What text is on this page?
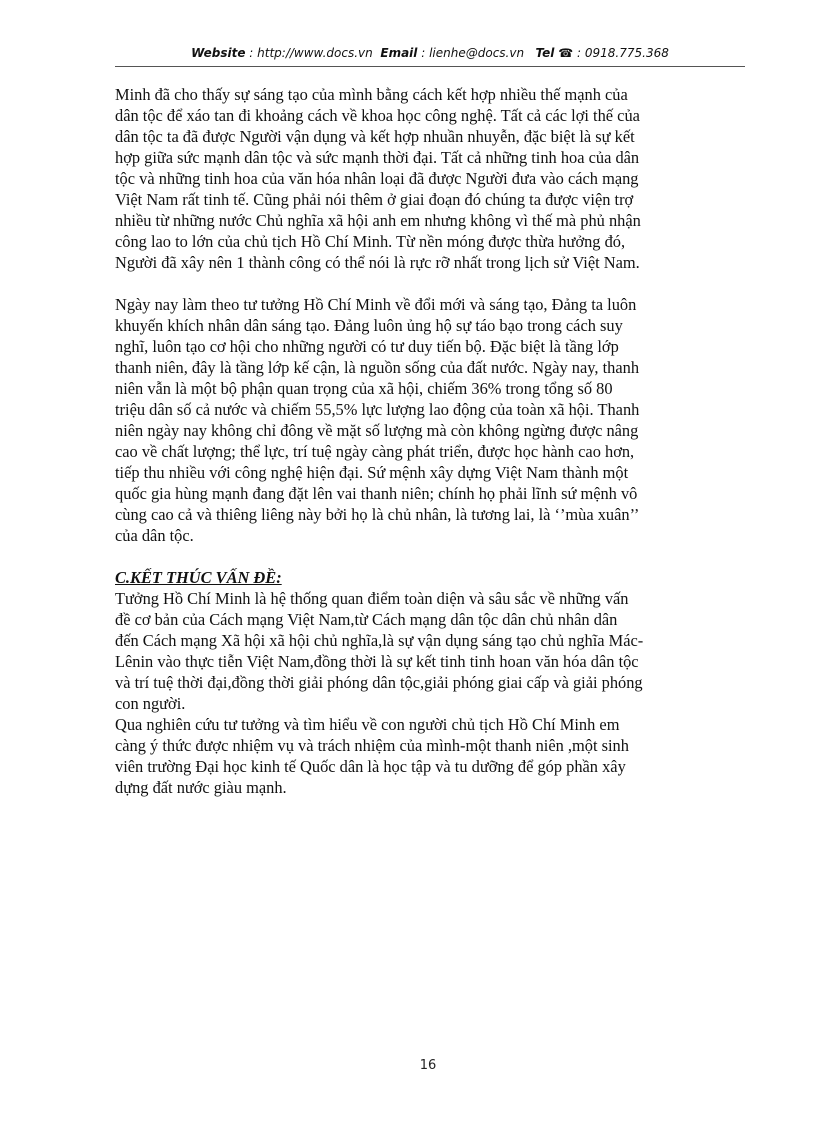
Website : http://www.docs.vn Email : lienhe@docs.vn Tel ☎ : 0918.775.368

Minh đã cho thấy sự sáng tạo của mình bằng cách kết hợp nhiều thế mạnh của
dân tộc để xáo tan đi khoảng cách về khoa học công nghệ. Tất cả các lợi thế của
dân tộc ta đã được Người vận dụng và kết hợp nhuần nhuyễn, đặc biệt là sự kết
hợp giữa sức mạnh dân tộc và sức mạnh thời đại. Tất cả những tinh hoa của dân
tộc và những tinh hoa của văn hóa nhân loại đã được Người đưa vào cách mạng
Việt Nam rất tinh tế. Cũng phải nói thêm ở giai đoạn đó chúng ta được viện trợ
nhiều từ những nước Chủ nghĩa xã hội anh em nhưng không vì thế mà phủ nhận
công lao to lớn của chủ tịch Hồ Chí Minh. Từ nền móng được thừa hưởng đó,
Người đã xây nên 1 thành công có thể nói là rực rỡ nhất trong lịch sử Việt Nam.

Ngày nay làm theo tư tưởng Hồ Chí Minh về đổi mới và sáng tạo, Đảng ta luôn
khuyến khích nhân dân sáng tạo. Đảng luôn ủng hộ sự táo bạo trong cách suy
nghĩ, luôn tạo cơ hội cho những người có tư duy tiến bộ. Đặc biệt là tầng lớp
thanh niên, đây là tầng lớp kế cận, là nguồn sống của đất nước. Ngày nay, thanh
niên vẫn là một bộ phận quan trọng của xã hội, chiếm 36% trong tổng số 80
triệu dân số cả nước và chiếm 55,5% lực lượng lao động của toàn xã hội. Thanh
niên ngày nay không chỉ đông về mặt số lượng mà còn không ngừng được nâng
cao về chất lượng; thể lực, trí tuệ ngày càng phát triển, được học hành cao hơn,
tiếp thu nhiều với công nghệ hiện đại. Sứ mệnh xây dựng Việt Nam thành một
quốc gia hùng mạnh đang đặt lên vai thanh niên; chính họ phải lĩnh sứ mệnh vô
cùng cao cả và thiêng liêng này bởi họ là chủ nhân, là tương lai, là ‘’mùa xuân’’
của dân tộc.

C.KẾT THÚC VẤN ĐỀ:

Tưởng Hồ Chí Minh là hệ thống quan điểm toàn diện và sâu sắc về những vấn
đề cơ bản của Cách mạng Việt Nam,từ Cách mạng dân tộc dân chủ nhân dân
đến Cách mạng Xã hội xã hội chủ nghĩa,là sự vận dụng sáng tạo chủ nghĩa Mác-
Lênin vào thực tiễn Việt Nam,đồng thời là sự kết tinh tinh hoan văn hóa dân tộc
và trí tuệ thời đại,đồng thời giải phóng dân tộc,giải phóng giai cấp và giải phóng
con người.

Qua nghiên cứu tư tưởng và tìm hiểu về con người chủ tịch Hồ Chí Minh em
càng ý thức được nhiệm vụ và trách nhiệm của mình-một thanh niên ,một sinh
viên trường Đại học kinh tế Quốc dân là học tập và tu dưỡng để góp phần xây
dựng đất nước giàu mạnh.

16
